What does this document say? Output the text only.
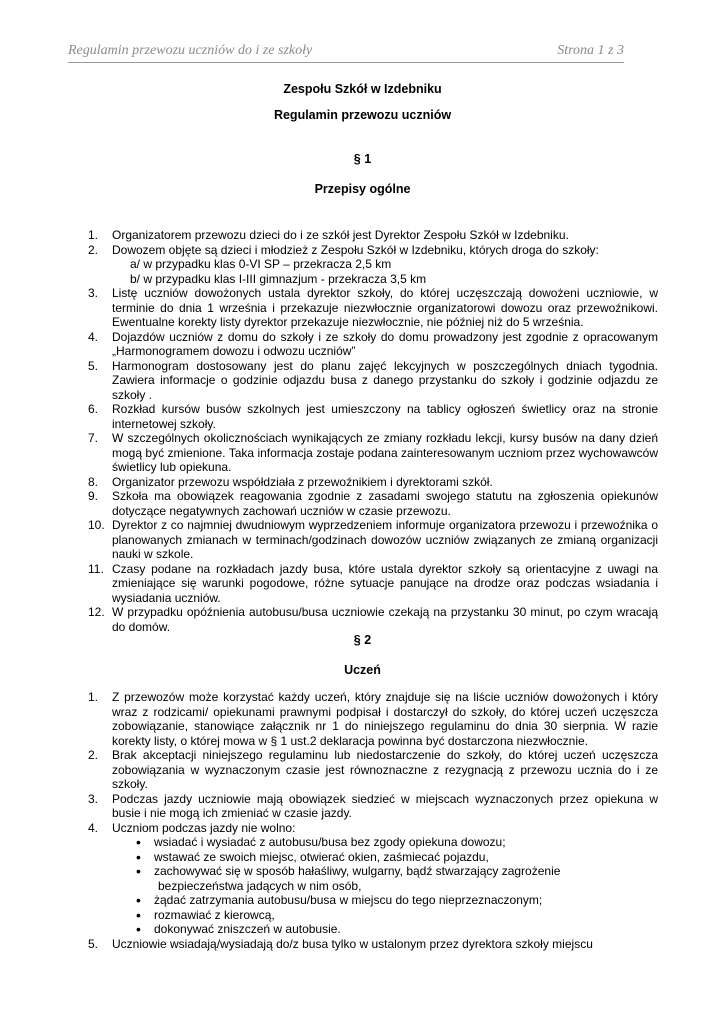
Regulamin przewozu uczniów do i ze szkoły	Strona 1 z 3
Zespołu Szkół w Izdebniku
Regulamin przewozu uczniów
§ 1
Przepisy ogólne
1. Organizatorem przewozu dzieci do i ze szkół jest Dyrektor Zespołu Szkół w Izdebniku.
2. Dowozem objęte są dzieci i młodzież z Zespołu Szkół w Izdebniku, których droga do szkoły:
a/ w przypadku klas 0-VI SP – przekracza 2,5 km
b/ w przypadku klas I-III gimnazjum - przekracza 3,5 km
3. Listę uczniów dowożonych ustala dyrektor szkoły, do której uczęszczają dowożeni uczniowie, w terminie do dnia 1 września i przekazuje niezwłocznie organizatorowi dowozu oraz przewoźnikowi. Ewentualne korekty listy dyrektor przekazuje niezwłocznie, nie później niż do 5 września.
4. Dojazdów uczniów z domu do szkoły i ze szkoły do domu prowadzony jest zgodnie z opracowanym „Harmonogramem dowozu i odwozu uczniów”
5. Harmonogram dostosowany jest do planu zajęć lekcyjnych w poszczególnych dniach tygodnia. Zawiera informacje o godzinie odjazdu busa z danego przystanku do szkoły i godzinie odjazdu ze szkoły .
6. Rozkład kursów busów szkolnych jest umieszczony na tablicy ogłoszeń świetlicy oraz na stronie internetowej szkoły.
7. W szczególnych okolicznościach wynikających ze zmiany rozkładu lekcji, kursy busów na dany dzień mogą być zmienione. Taka informacja zostaje podana zainteresowanym uczniom przez wychowawców świetlicy lub opiekuna.
8. Organizator przewozu współdziała z przewoźnikiem i dyrektorami szkół.
9. Szkoła ma obowiązek reagowania zgodnie z zasadami swojego statutu na zgłoszenia opiekunów dotyczące negatywnych zachowań uczniów w czasie przewozu.
10. Dyrektor z co najmniej dwudniowym wyprzedzeniem informuje organizatora przewozu i przewoźnika o planowanych zmianach w terminach/godzinach dowozów uczniów związanych ze zmianą organizacji nauki w szkole.
11. Czasy podane na rozkładach jazdy busa, które ustala dyrektor szkoły są orientacyjne z uwagi na zmieniające się warunki pogodowe, różne sytuacje panujące na drodze oraz podczas wsiadania i wysiadania uczniów.
12. W przypadku opóźnienia autobusu/busa uczniowie czekają na przystanku 30 minut, po czym wracają do domów.
§ 2
Uczeń
1. Z przewozów może korzystać każdy uczeń, który znajduje się na liście uczniów dowożonych i który wraz z rodzicami/ opiekunami prawnymi podpisał i dostarczył do szkoły, do której uczeń uczęszcza zobowiązanie, stanowiące załącznik nr 1 do niniejszego regulaminu do dnia 30 sierpnia. W razie korekty listy, o której mowa w § 1 ust.2 deklaracja powinna być dostarczona niezwłocznie.
2. Brak akceptacji niniejszego regulaminu lub niedostarczenie do szkoły, do której uczeń uczęszcza zobowiązania w wyznaczonym czasie jest równoznaczne z rezygnacją z przewozu ucznia do i ze szkoły.
3. Podczas jazdy uczniowie mają obowiązek siedzieć w miejscach wyznaczonych przez opiekuna w busie i nie mogą ich zmieniać w czasie jazdy.
4. Uczniom podczas jazdy nie wolno:
• wsiadać i wysiadać z autobusu/busa bez zgody opiekuna dowozu;
• wstawać ze swoich miejsc, otwierać okien, zaśmiecać pojazdu,
• zachowywać się w sposób hałaśliwy, wulgarny, bądź stwarzający zagrożenie
bezpieczeństwa jadących w nim osób,
• żądać zatrzymania autobusu/busa w miejscu do tego nieprzeznaczonym;
• rozmawiać z kierowcą,
• dokonywać zniszczeń w autobusie.
5. Uczniowie wsiadają/wysiadają do/z busa tylko w ustalonym przez dyrektora szkoły miejscu
